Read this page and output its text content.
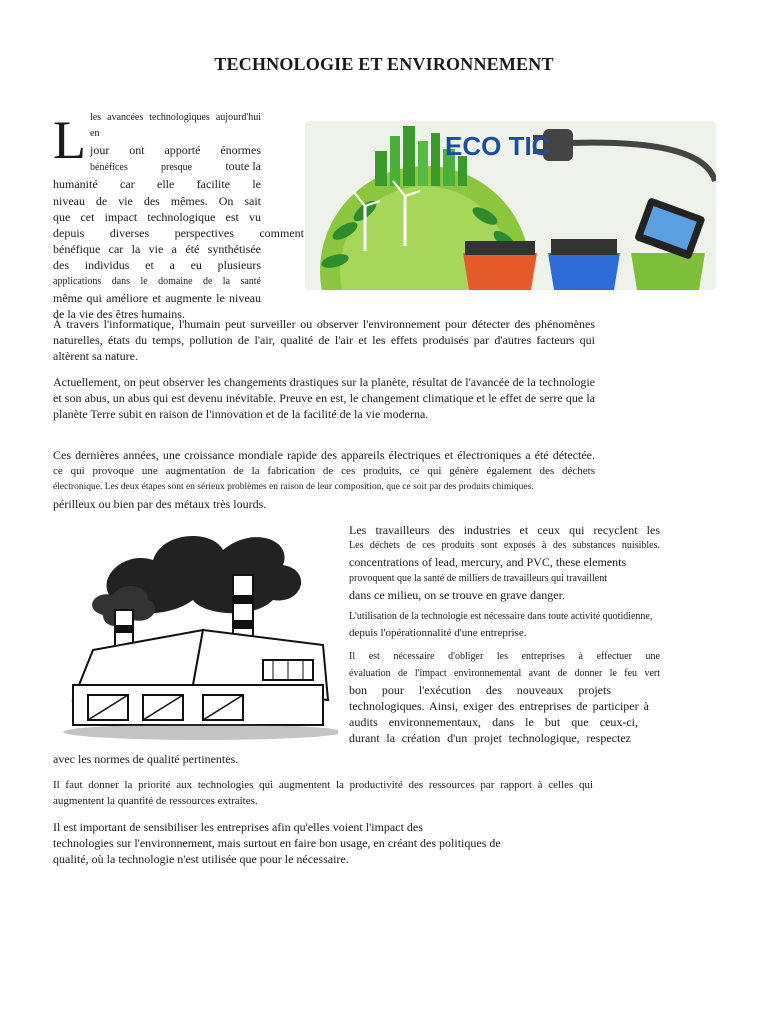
TECHNOLOGIE ET ENVIRONNEMENT
L les avancées technologiques aujourd'hui en
jour ont apporté énormes
bénéfices	presque	toute la
humanité car elle facilite le
niveau de vie des mêmes. On sait
que cet impact technologique est vu
depuis diverses perspectives comment
bénéfique car la vie a été synthétisée
des individus et a eu plusieurs
applications dans le domaine de la santé
même qui améliore et augmente le niveau
de la vie des êtres humains.
ECO TIC

À travers l'informatique, l'humain peut surveiller ou observer l'environnement pour détecter des phénomènes naturelles, états du temps, pollution de l'air, qualité de l'air et les effets produisés par d'autres facteurs qui altèrent sa nature.

Actuellement, on peut observer les changements drastiques sur la planète, résultat de l'avancée de la technologie et son abus, un abus qui est devenu inévitable. Preuve en est, le changement climatique et le effet de serre que la planète Terre subit en raison de l'innovation et de la facilité de la vie moderna.

Ces dernières années, une croissance mondiale rapide des appareils électriques et électroniques a été détectée.
ce qui provoque une augmentation de la fabrication de ces produits, ce qui génère également des déchets
électronique. Les deux étapes sont en sérieux problèmes en raison de leur composition, que ce soit par des produits chimiques.
périlleux ou bien par des métaux très lourds.
Les travailleurs des industries et ceux qui recyclent les
Les déchets de ces produits sont exposés à des substances nuisibles.
concentrations of lead, mercury, and PVC, these elements
provoquent que la santé de milliers de travailleurs qui travaillent
dans ce milieu, on se trouve en grave danger.
L'utilisation de la technologie est nécessaire dans toute activité quotidienne,
depuis l'opérationnalité d'une entreprise.
Il est nécessaire d'obliger les entreprises à effectuer une
évaluation de l'impact environnemental avant de donner le feu vert
bon pour l'exécution des nouveaux projets
technologiques. Ainsi, exiger des entreprises de participer à
audits environnementaux, dans le but que ceux-ci,
durant la création d'un projet technologique, respectez

avec les normes de qualité pertinentes.

Il faut donner la priorité aux technologies qui augmentent la productivité des ressources par rapport à celles qui augmentent la quantité de ressources extraites.

Il est important de sensibiliser les entreprises afin qu'elles voient l'impact des
technologies sur l'environnement, mais surtout en faire bon usage, en créant des politiques de
qualité, où la technologie n'est utilisée que pour le nécessaire.
